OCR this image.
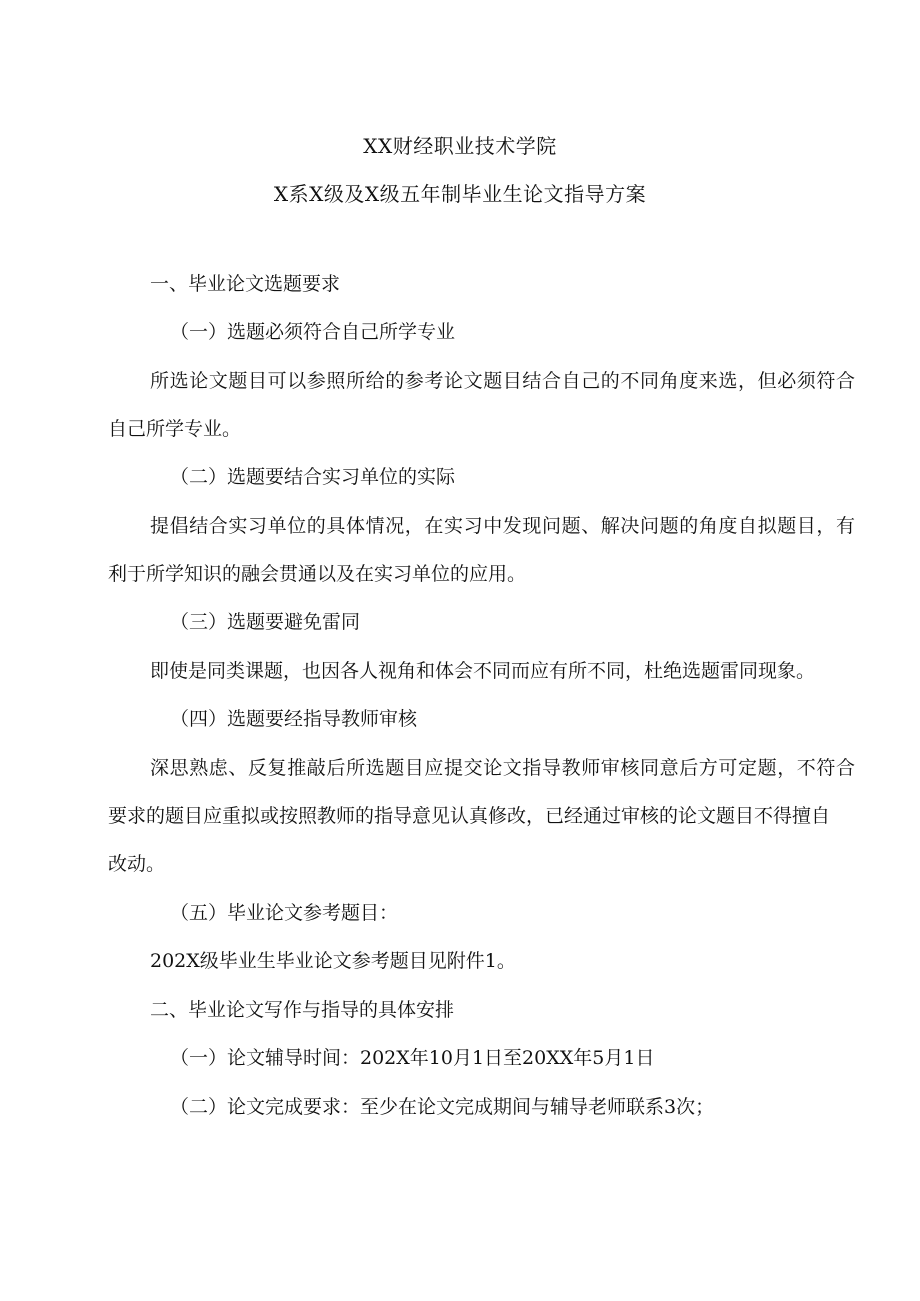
XX财经职业技术学院
X系X级及X级五年制毕业生论文指导方案
一、毕业论文选题要求
（一）选题必须符合自己所学专业
所选论文题目可以参照所给的参考论文题目结合自己的不同角度来选，但必须符合
自己所学专业。
（二）选题要结合实习单位的实际
提倡结合实习单位的具体情况，在实习中发现问题、解决问题的角度自拟题目，有
利于所学知识的融会贯通以及在实习单位的应用。
（三）选题要避免雷同
即使是同类课题，也因各人视角和体会不同而应有所不同，杜绝选题雷同现象。
（四）选题要经指导教师审核
深思熟虑、反复推敲后所选题目应提交论文指导教师审核同意后方可定题，不符合
要求的题目应重拟或按照教师的指导意见认真修改，已经通过审核的论文题目不得擅自
改动。
（五）毕业论文参考题目：
202X级毕业生毕业论文参考题目见附件1。
二、毕业论文写作与指导的具体安排
（一）论文辅导时间：202X年10月1日至20XX年5月1日
（二）论文完成要求：至少在论文完成期间与辅导老师联系3次；
